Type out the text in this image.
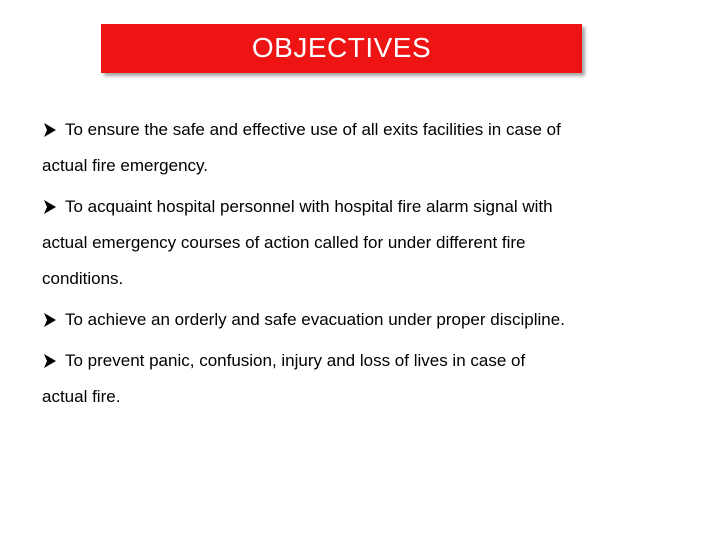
OBJECTIVES
To ensure the safe and effective use of all exits facilities in case of
actual fire emergency.
To acquaint hospital personnel with hospital fire alarm signal with
actual emergency courses of action called for under different fire
conditions.
To achieve an orderly and safe evacuation under proper discipline.
To prevent panic, confusion, injury and loss of lives in case of
actual fire.
